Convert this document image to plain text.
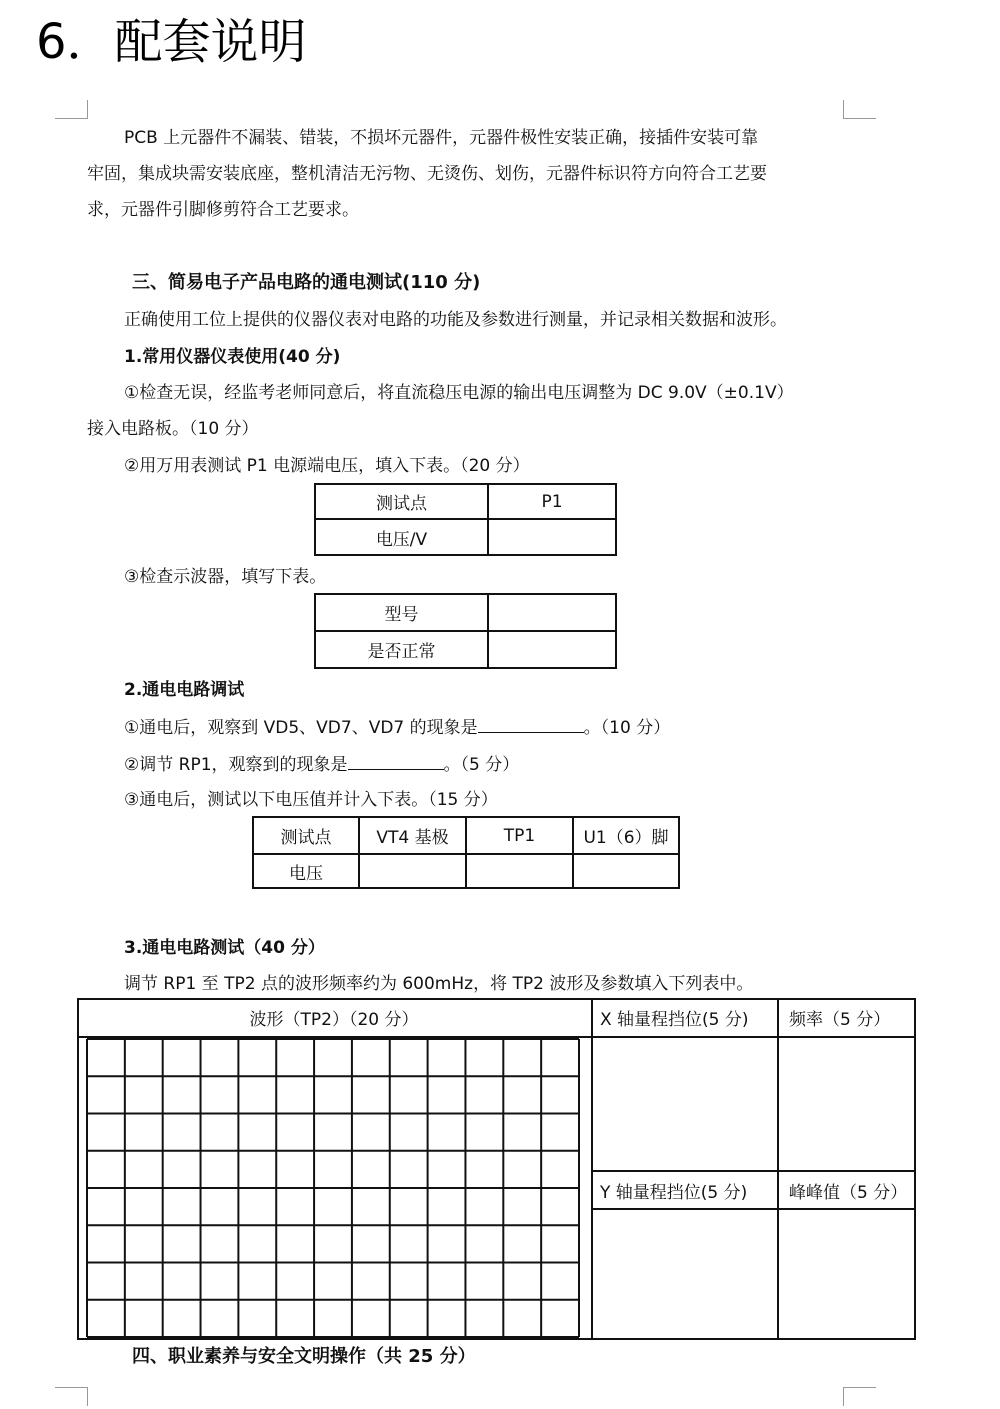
6．配套说明
PCB 上元器件不漏装、错装，不损坏元器件，元器件极性安装正确，接插件安装可靠
牢固，集成块需安装底座，整机清洁无污物、无烫伤、划伤，元器件标识符方向符合工艺要
求，元器件引脚修剪符合工艺要求。
三、简易电子产品电路的通电测试(110 分)
正确使用工位上提供的仪器仪表对电路的功能及参数进行测量，并记录相关数据和波形。
1.常用仪器仪表使用(40 分)
①检查无误，经监考老师同意后，将直流稳压电源的输出电压调整为 DC 9.0V（±0.1V）
接入电路板。（10 分）
②用万用表测试 P1 电源端电压，填入下表。（20 分）
测试点	P1
电压/V	
③检查示波器，填写下表。
型号	
是否正常	
2.通电电路调试
①通电后，观察到 VD5、VD7、VD7 的现象是	。（10 分）
②调节 RP1，观察到的现象是	。（5 分）
③通电后，测试以下电压值并计入下表。（15 分）
测试点	VT4 基极	TP1	U1（6）脚
电压			
3.通电电路测试（40 分）
调节 RP1 至 TP2 点的波形频率约为 600mHz，将 TP2 波形及参数填入下列表中。
波形（TP2）（20 分）	X 轴量程挡位(5 分) 频率（5 分）
Y 轴量程挡位(5 分) 峰峰值（5 分）
四、职业素养与安全文明操作（共 25 分）
